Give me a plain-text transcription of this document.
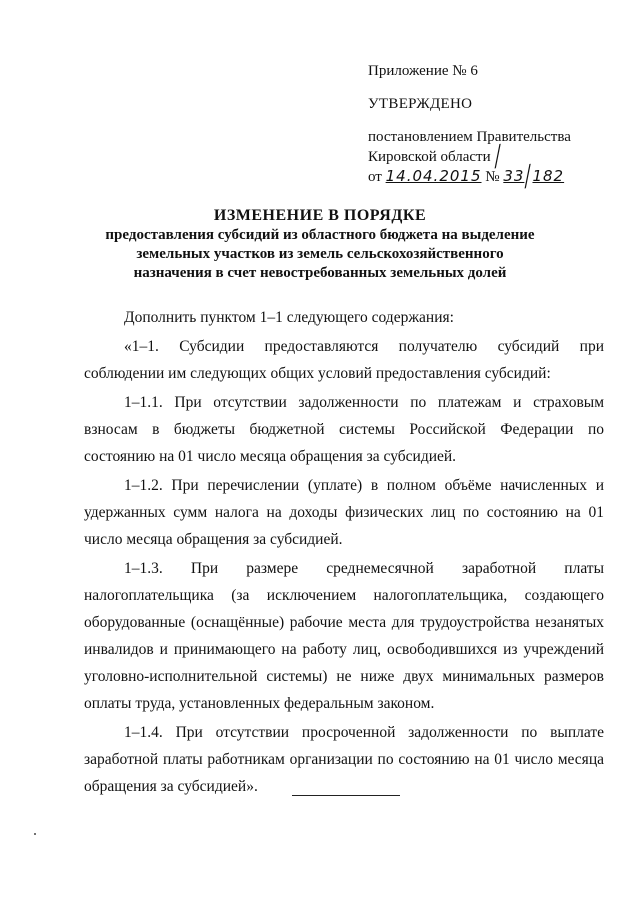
Приложение № 6
УТВЕРЖДЕНО
постановлением Правительства
Кировской области /
от 14.04.2015 № 33/182
ИЗМЕНЕНИЕ В ПОРЯДКЕ
предоставления субсидий из областного бюджета на выделение
земельных участков из земель сельскохозяйственного
назначения в счет невостребованных земельных долей

Дополнить пунктом 1–1 следующего содержания:

«1–1. Субсидии предоставляются получателю субсидий при соблюдении им следующих общих условий предоставления субсидий:

1–1.1. При отсутствии задолженности по платежам и страховым взносам в бюджеты бюджетной системы Российской Федерации по состоянию на 01 число месяца обращения за субсидией.

1–1.2. При перечислении (уплате) в полном объёме начисленных и удержанных сумм налога на доходы физических лиц по состоянию на 01 число месяца обращения за субсидией.

1–1.3. При размере среднемесячной заработной платы налогоплательщика (за исключением налогоплательщика, создающего оборудованные (оснащённые) рабочие места для трудоустройства незанятых инвалидов и принимающего на работу лиц, освободившихся из учреждений уголовно-исполнительной системы) не ниже двух минимальных размеров оплаты труда, установленных федеральным законом.

1–1.4. При отсутствии просроченной задолженности по выплате заработной платы работникам организации по состоянию на 01 число месяца обращения за субсидией».
